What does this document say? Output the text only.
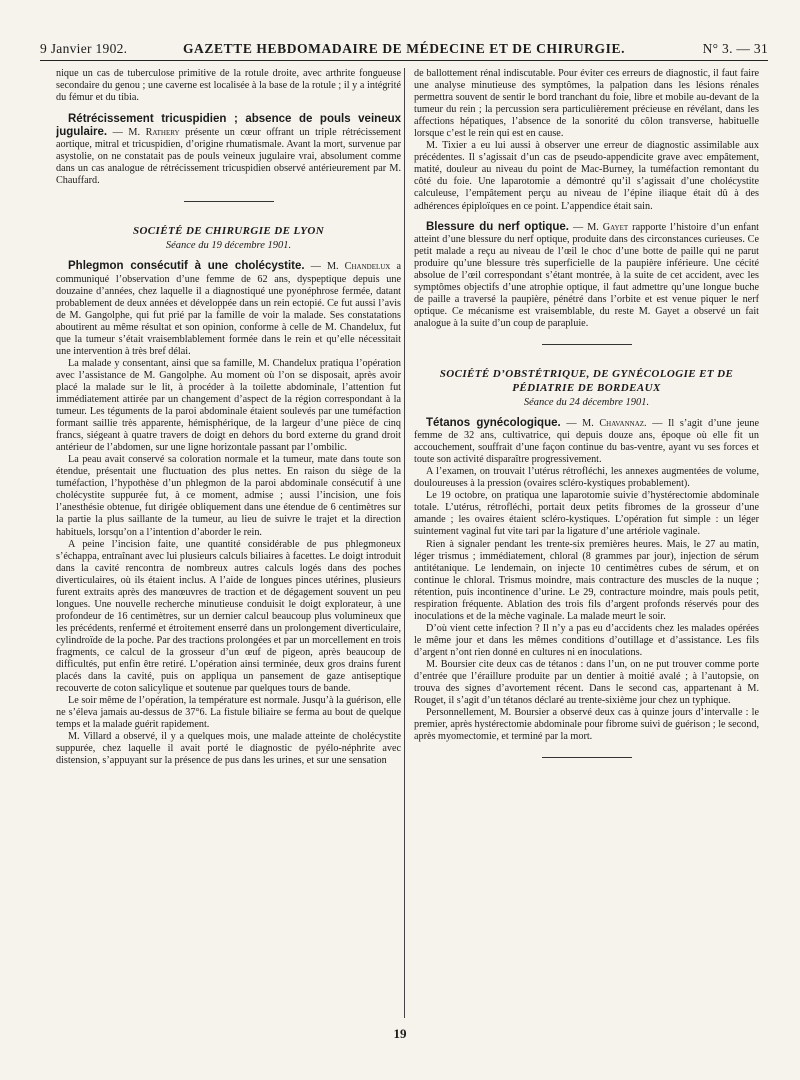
9 Janvier 1902.	GAZETTE HEBDOMADAIRE DE MÉDECINE ET DE CHIRURGIE.	N° 3. — 31

nique un cas de tuberculose primitive de la rotule droite, avec arthrite fongueuse secondaire du genou ; une caverne est localisée à la base de la rotule ; il y a intégrité du fémur et du tibia.

Rétrécissement tricuspidien ; absence de pouls veineux jugulaire. — M. Rathery présente un cœur offrant un triple rétrécissement aortique, mitral et tricuspidien, d’origine rhumatismale. Avant la mort, survenue par asystolie, on ne constatait pas de pouls veineux jugulaire vrai, absolument comme dans un cas analogue de rétrécissement tricuspidien observé antérieurement par M. Chauffard.

SOCIÉTÉ DE CHIRURGIE DE LYON
Séance du 19 décembre 1901.

Phlegmon consécutif à une cholécystite. — M. Chandelux a communiqué l’observation d’une femme de 62 ans, dyspeptique depuis une douzaine d’années, chez laquelle il a diagnostiqué une pyonéphrose fermée, datant probablement de deux années et développée dans un rein ectopié. Ce fut aussi l’avis de M. Gangolphe, qui fut prié par la famille de voir la malade. Ses constatations aboutirent au même résultat et son opinion, conforme à celle de M. Chandelux, fut que la tumeur s’était vraisemblablement formée dans le rein et qu’elle nécessitait une intervention à très bref délai.

La malade y consentant, ainsi que sa famille, M. Chandelux pratiqua l’opération avec l’assistance de M. Gangolphe. Au moment où l’on se disposait, après avoir placé la malade sur le lit, à procéder à la toilette abdominale, l’attention fut immédiatement attirée par un changement d’aspect de la région correspondant à la tumeur. Les téguments de la paroi abdominale étaient soulevés par une tuméfaction formant saillie très apparente, hémisphérique, de la largeur d’une pièce de cinq francs, siégeant à quatre travers de doigt en dehors du bord externe du grand droit antérieur de l’abdomen, sur une ligne horizontale passant par l’ombilic.

La peau avait conservé sa coloration normale et la tumeur, mate dans toute son étendue, présentait une fluctuation des plus nettes. En raison du siège de la tuméfaction, l’hypothèse d’un phlegmon de la paroi abdominale consécutif à une cholécystite suppurée fut, à ce moment, admise ; aussi l’incision, une fois l’anesthésie obtenue, fut dirigée obliquement dans une étendue de 6 centimètres sur la partie la plus saillante de la tumeur, au lieu de suivre le trajet et la direction habituels, lorsqu’on a l’intention d’aborder le rein.

A peine l’incision faite, une quantité considérable de pus phlegmoneux s’échappa, entraînant avec lui plusieurs calculs biliaires à facettes. Le doigt introduit dans la cavité rencontra de nombreux autres calculs logés dans des poches diverticulaires, où ils étaient inclus. A l’aide de longues pinces utérines, plusieurs furent extraits après des manœuvres de traction et de dégagement souvent un peu longues. Une nouvelle recherche minutieuse conduisit le doigt explorateur, à une profondeur de 16 centimètres, sur un dernier calcul beaucoup plus volumineux que les précédents, renfermé et étroitement enserré dans un prolongement diverticulaire, cylindroïde de la poche. Par des tractions prolongées et par un morcellement en trois fragments, ce calcul de la grosseur d’un œuf de pigeon, après beaucoup de difficultés, put enfin être retiré. L’opération ainsi terminée, deux gros drains furent placés dans la cavité, puis on appliqua un pansement de gaze antiseptique recouverte de coton salicylique et soutenue par quelques tours de bande.

Le soir même de l’opération, la température est normale. Jusqu’à la guérison, elle ne s’éleva jamais au-dessus de 37°6. La fistule biliaire se ferma au bout de quelque temps et la malade guérit rapidement.

M. Villard a observé, il y a quelques mois, une malade atteinte de cholécystite suppurée, chez laquelle il avait porté le diagnostic de pyélo-néphrite avec distension, s’appuyant sur la présence de pus dans les urines, et sur une sensation

de ballottement rénal indiscutable. Pour éviter ces erreurs de diagnostic, il faut faire une analyse minutieuse des symptômes, la palpation dans les lésions rénales permettra souvent de sentir le bord tranchant du foie, libre et mobile au-devant de la tumeur du rein ; la percussion sera particulièrement précieuse en révélant, dans les affections hépatiques, l’absence de la sonorité du côlon transverse, habituelle lorsque c’est le rein qui est en cause.

M. Tixier a eu lui aussi à observer une erreur de diagnostic assimilable aux précédentes. Il s’agissait d’un cas de pseudo-appendicite grave avec empâtement, matité, douleur au niveau du point de Mac-Burney, la tuméfaction remontant du côté du foie. Une laparotomie a démontré qu’il s’agissait d’une cholécystite calculeuse, l’empâtement perçu au niveau de l’épine iliaque était dû à des adhérences épiploïques en ce point. L’appendice était sain.

Blessure du nerf optique. — M. Gayet rapporte l’histoire d’un enfant atteint d’une blessure du nerf optique, produite dans des circonstances curieuses. Ce petit malade a reçu au niveau de l’œil le choc d’une botte de paille qui ne parut produire qu’une blessure très superficielle de la paupière inférieure. Une cécité absolue de l’œil correspondant s’étant montrée, à la suite de cet accident, avec les symptômes objectifs d’une atrophie optique, il faut admettre qu’une longue buche de paille a traversé la paupière, pénétré dans l’orbite et est venue piquer le nerf optique. Ce mécanisme est vraisemblable, du reste M. Gayet a observé un fait analogue à la suite d’un coup de parapluie.

SOCIÉTÉ D’OBSTÉTRIQUE, DE GYNÉCOLOGIE ET DE PÉDIATRIE DE BORDEAUX
Séance du 24 décembre 1901.

Tétanos gynécologique. — M. Chavannaz. — Il s’agit d’une jeune femme de 32 ans, cultivatrice, qui depuis douze ans, époque où elle fit un accouchement, souffrait d’une façon continue du bas-ventre, ayant vu ses forces et toute son activité disparaître progressivement.

A l’examen, on trouvait l’utérus rétrofléchi, les annexes augmentées de volume, douloureuses à la pression (ovaires scléro-kystiques probablement).

Le 19 octobre, on pratiqua une laparotomie suivie d’hystérectomie abdominale totale. L’utérus, rétrofléchi, portait deux petits fibromes de la grosseur d’une amande ; les ovaires étaient scléro-kystiques. L’opération fut simple : un léger suintement vaginal fut vite tari par la ligature d’une artériole vaginale.

Rien à signaler pendant les trente-six premières heures. Mais, le 27 au matin, léger trismus ; immédiatement, chloral (8 grammes par jour), injection de sérum antitétanique. Le lendemain, on injecte 10 centimètres cubes de sérum, et on continue le chloral. Trismus moindre, mais contracture des muscles de la nuque ; rétention, puis incontinence d’urine. Le 29, contracture moindre, mais pouls petit, respiration fréquente. Ablation des trois fils d’argent profonds réservés pour des inoculations et de la mèche vaginale. La malade meurt le soir.

D’où vient cette infection ? Il n’y a pas eu d’accidents chez les malades opérées le même jour et dans les mêmes conditions d’outillage et d’assistance. Les fils d’argent n’ont rien donné en cultures ni en inoculations.

M. Boursier cite deux cas de tétanos : dans l’un, on ne put trouver comme porte d’entrée que l’éraillure produite par un dentier à moitié avalé ; à l’autopsie, on trouva des signes d’avortement récent. Dans le second cas, appartenant à M. Rouget, il s’agit d’un tétanos déclaré au trente-sixième jour chez un typhique.

Personnellement, M. Boursier a observé deux cas à quinze jours d’intervalle : le premier, après hystérectomie abdominale pour fibrome suivi de guérison ; le second, après myomectomie, et terminé par la mort.

19
